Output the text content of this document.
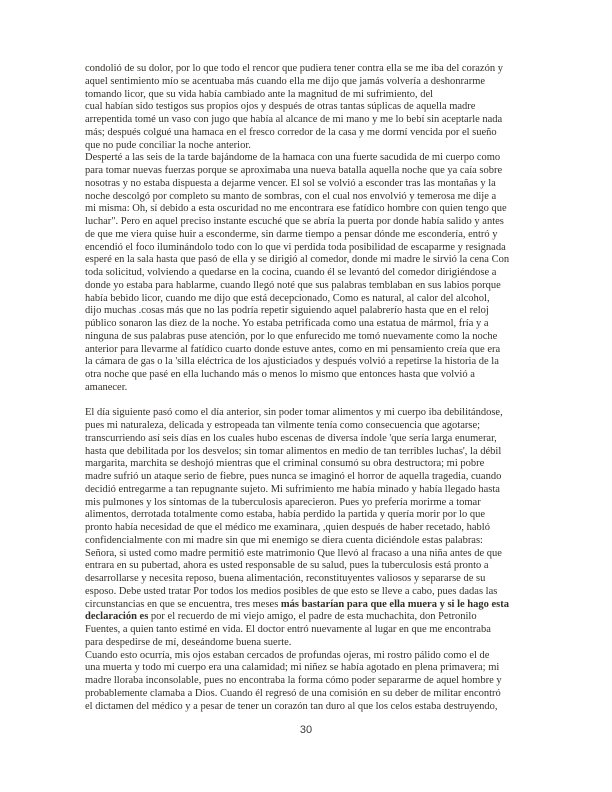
condolió de su dolor, por lo que todo el rencor que pudiera tener contra ella se me iba del corazón y
aquel sentimiento mío se acentuaba más cuando ella me dijo que jamás volvería a deshonrarme
tomando licor, que su vida había cambiado ante la magnitud de mi sufrimiento, del
cual habían sido testigos sus propios ojos y después de otras tantas súplicas de aquella madre
arrepentida tomé un vaso con jugo que había al alcance de mi mano y me lo bebí sin aceptarle nada
más; después colgué una hamaca en el fresco corredor de la casa y me dormí vencida por el sueño
que no pude conciliar la noche anterior.
Desperté a las seis de la tarde bajándome de la hamaca con una fuerte sacudida de mi cuerpo como
para tomar nuevas fuerzas porque se aproximaba una nueva batalla aquella noche que ya caía sobre
nosotras y no estaba dispuesta a dejarme vencer. El sol se volvió a esconder tras las montañas y la
noche descolgó por completo su manto de sombras, con el cual nos envolvió y temerosa me dije a
mi misma: Oh, sí debido a esta oscuridad no me encontrara ese fatídico hombre con quien tengo que
luchar". Pero en aquel preciso instante escuché que se abría la puerta por donde había salido y antes
de que me viera quise huir a esconderme, sin darme tiempo a pensar dónde me escondería, entró y
encendió el foco iluminándolo todo con lo que vi perdida toda posibilidad de escaparme y resignada
esperé en la sala hasta que pasó de ella y se dirigió al comedor, donde mi madre le sirvió la cena Con
toda solicitud, volviendo a quedarse en la cocina, cuando él se levantó del comedor dirigiéndose a
donde yo estaba para hablarme, cuando llegó noté que sus palabras temblaban en sus labios porque
había bebido licor, cuando me dijo que está decepcionado, Como es natural, al calor del alcohol,
dijo muchas .cosas más que no las podría repetir siguiendo aquel palabrerío hasta que en el reloj
público sonaron las diez de la noche. Yo estaba petrificada como una estatua de mármol, fría y a
ninguna de sus palabras puse atención, por lo que enfurecido me tomó nuevamente como la noche
anterior para llevarme al fatídico cuarto donde estuve antes, como en mi pensamiento creía que era
la cámara de gas o la 'silla eléctrica de los ajusticiados y después volvió a repetirse la historia de la
otra noche que pasé en ella luchando más o menos lo mismo que entonces hasta que volvió a
amanecer.
El día siguiente pasó como el día anterior, sin poder tomar alimentos y mi cuerpo iba debilitándose,
pues mi naturaleza, delicada y estropeada tan vilmente tenía como consecuencia que agotarse;
transcurriendo así seis días en los cuales hubo escenas de diversa índole 'que sería larga enumerar,
hasta que debilitada por los desvelos; sin tomar alimentos en medio de tan terribles luchas', la débil
margarita, marchita se deshojó mientras que el criminal consumó su obra destructora; mi pobre
madre sufrió un ataque serio de fiebre, pues nunca se imaginó el horror de aquella tragedia, cuando
decidió entregarme a tan repugnante sujeto. Mi sufrimiento me había minado y había llegado hasta
mis pulmones y los síntomas de la tuberculosis aparecieron. Pues yo prefería morirme a tomar
alimentos, derrotada totalmente como estaba, había perdido la partida y quería morir por lo que
pronto había necesidad de que el médico me examinara, ,quien después de haber recetado, habló
confidencialmente con mi madre sin que mi enemigo se diera cuenta diciéndole estas palabras:
Señora, si usted como madre permitió este matrimonio Que llevó al fracaso a una niña antes de que
entrara en su pubertad, ahora es usted responsable de su salud, pues la tuberculosis está pronto a
desarrollarse y necesita reposo, buena alimentación, reconstituyentes valiosos y separarse de su
esposo. Debe usted tratar Por todos los medios posibles de que esto se lleve a cabo, pues dadas las
circunstancias en que se encuentra, tres meses más bastarían para que ella muera y si le hago esta
declaración es por el recuerdo de mi viejo amigo, el padre de esta muchachita, don Petronilo
Fuentes, a quien tanto estimé en vida. El doctor entró nuevamente al lugar en que me encontraba
para despedirse de mí, deseándome buena suerte.
Cuando esto ocurría, mis ojos estaban cercados de profundas ojeras, mi rostro pálido como el de
una muerta y todo mi cuerpo era una calamidad; mi niñez se había agotado en plena primavera; mi
madre lloraba inconsolable, pues no encontraba la forma cómo poder separarme de aquel hombre y
probablemente clamaba a Dios. Cuando él regresó de una comisión en su deber de militar encontró
el dictamen del médico y a pesar de tener un corazón tan duro al que los celos estaba destruyendo,
30
